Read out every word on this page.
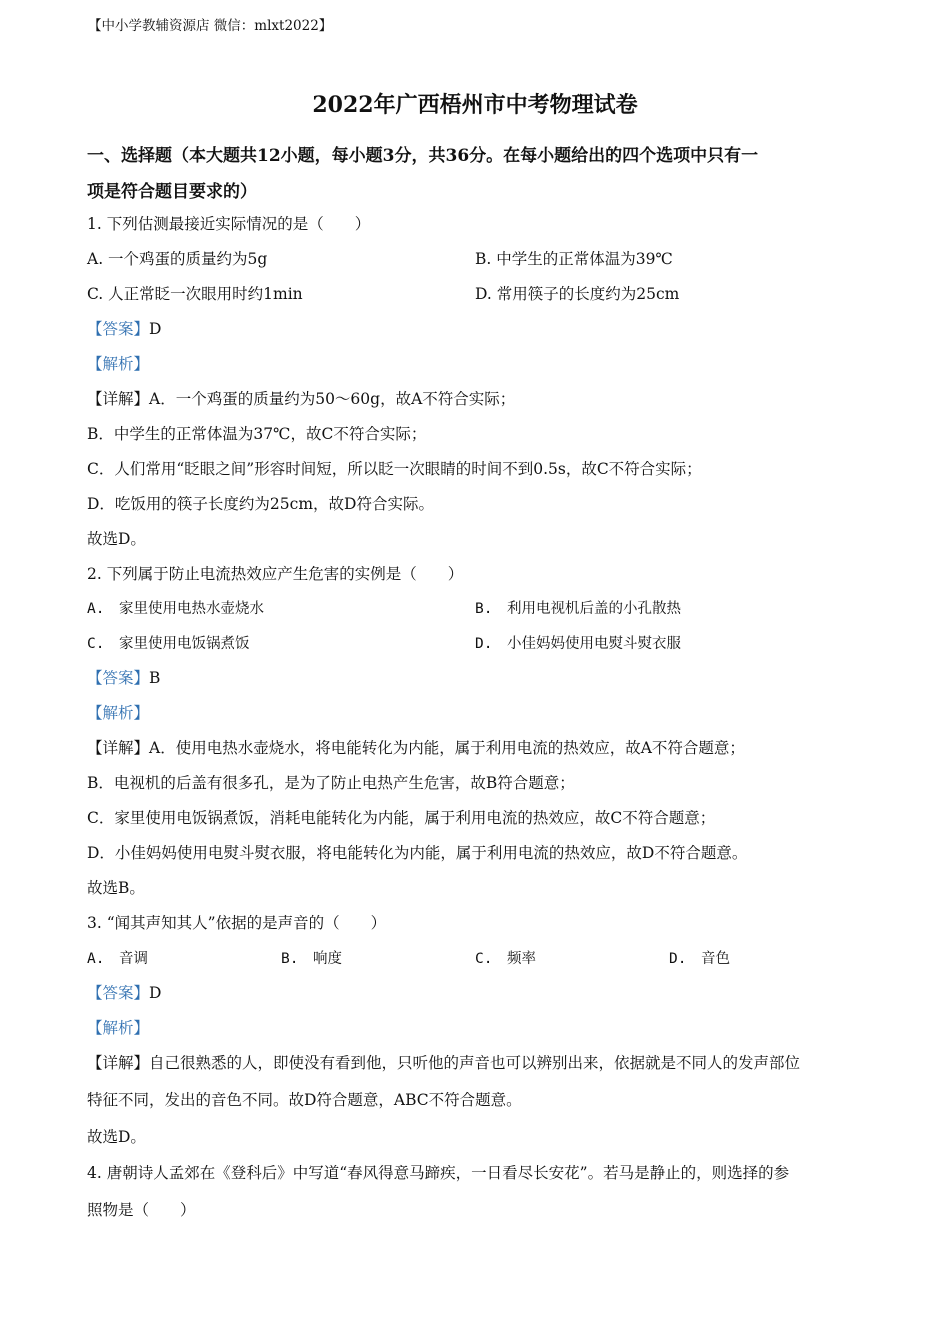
【中小学教辅资源店 微信：mlxt2022】
2022年广西梧州市中考物理试卷
一、选择题（本大题共12小题，每小题3分，共36分。在每小题给出的四个选项中只有一
项是符合题目要求的）
1. 下列估测最接近实际情况的是（　　）
A. 一个鸡蛋的质量约为5g	B. 中学生的正常体温为39℃
C. 人正常眨一次眼用时约1min	D. 常用筷子的长度约为25cm
【答案】D
【解析】
【详解】A．一个鸡蛋的质量约为50～60g，故A不符合实际；
B．中学生的正常体温为37℃，故C不符合实际；
C．人们常用“眨眼之间”形容时间短，所以眨一次眼睛的时间不到0.5s，故C不符合实际；
D．吃饭用的筷子长度约为25cm，故D符合实际。
故选D。
2. 下列属于防止电流热效应产生危害的实例是（　　）
A.　家里使用电热水壶烧水	B.　利用电视机后盖的小孔散热
C.　家里使用电饭锅煮饭	D.　小佳妈妈使用电熨斗熨衣服
【答案】B
【解析】
【详解】A．使用电热水壶烧水，将电能转化为内能，属于利用电流的热效应，故A不符合题意；
B．电视机的后盖有很多孔，是为了防止电热产生危害，故B符合题意；
C．家里使用电饭锅煮饭，消耗电能转化为内能，属于利用电流的热效应，故C不符合题意；
D．小佳妈妈使用电熨斗熨衣服，将电能转化为内能，属于利用电流的热效应，故D不符合题意。
故选B。
3. “闻其声知其人”依据的是声音的（　　）
A.　音调	B.　响度	C.　频率	D.　音色
【答案】D
【解析】
【详解】自己很熟悉的人，即使没有看到他，只听他的声音也可以辨别出来，依据就是不同人的发声部位
特征不同，发出的音色不同。故D符合题意，ABC不符合题意。
故选D。
4. 唐朝诗人孟郊在《登科后》中写道“春风得意马蹄疾，一日看尽长安花”。若马是静止的，则选择的参
照物是（　　）
